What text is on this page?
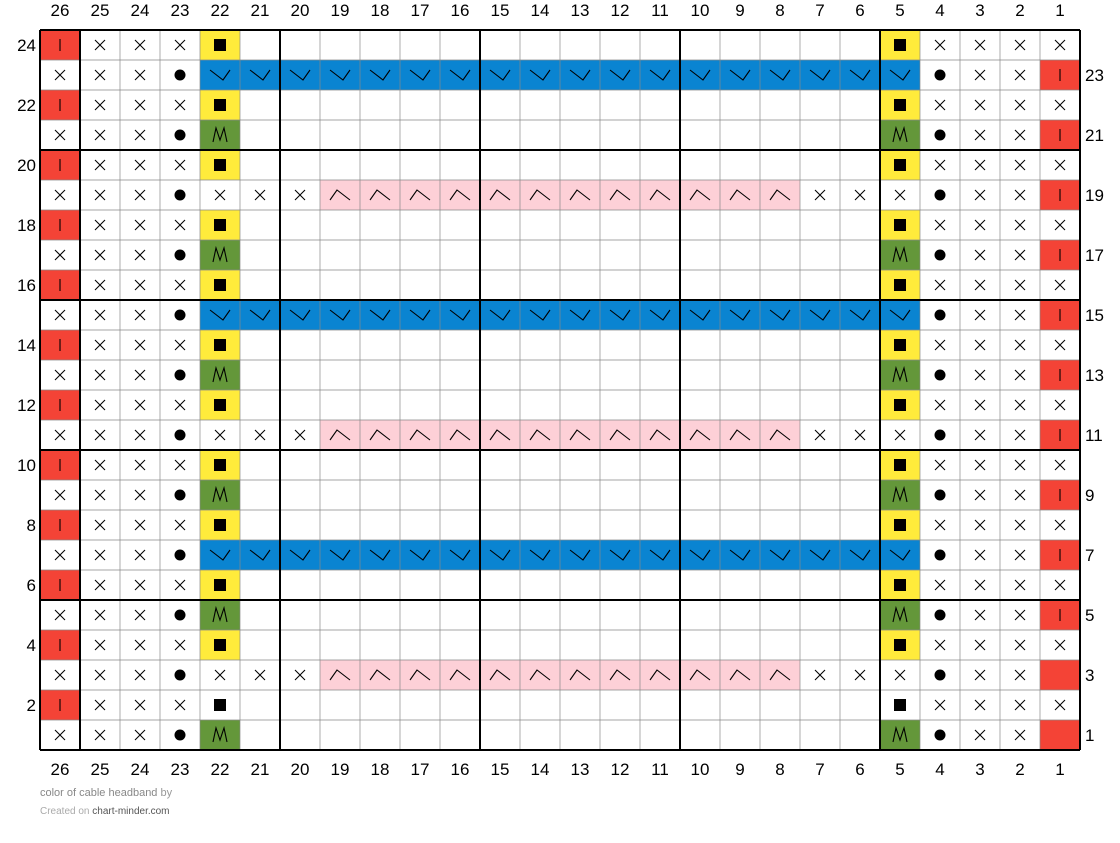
26
26
25
25
24
24
23
23
22
22
21
21
20
20
19
19
18
18
17
17
16
16
15
15
14
14
13
13
12
12
11
11
10
10
9
9
8
8
7
7
6
6
5
5
4
4
3
3
2
2
1
1
24
23
22
21
20
19
18
17
16
15
14
13
12
11
10
9
8
7
6
5
4
3
2
1
color of cable headband by
Created on chart-minder.com
